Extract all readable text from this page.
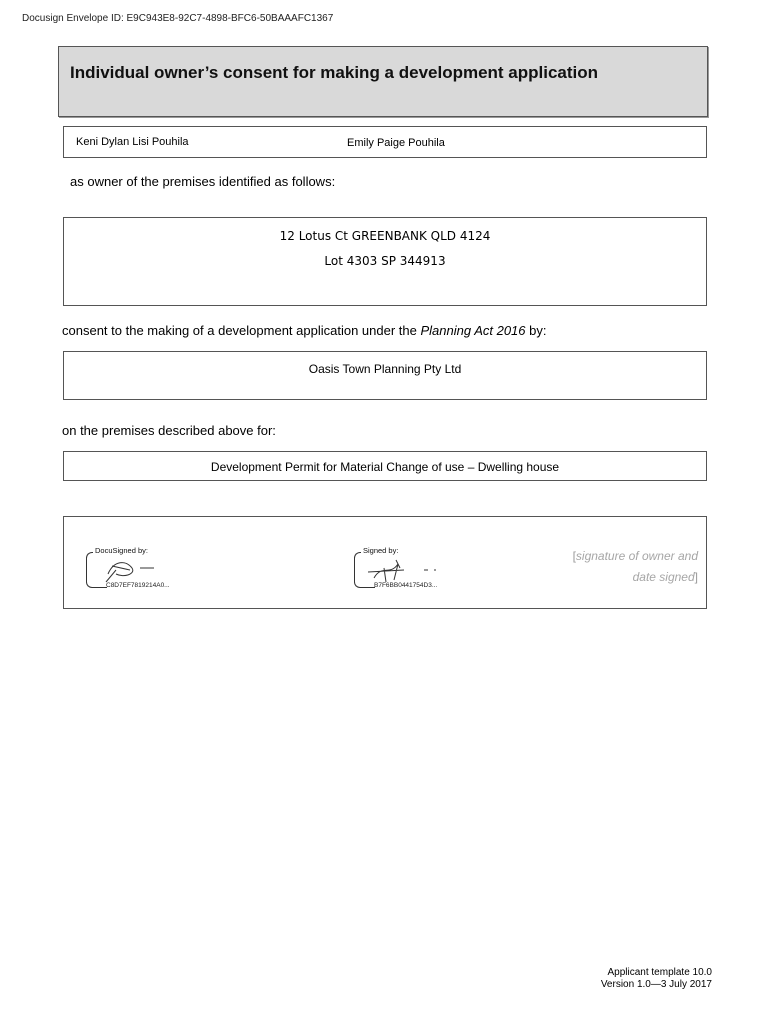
Docusign Envelope ID: E9C943E8-92C7-4898-BFC6-50BAAAFC1367
Individual owner’s consent for making a development application
Keni Dylan Lisi Pouhila	Emily Paige Pouhila
as owner of the premises identified as follows:
12 Lotus Ct GREENBANK QLD 4124
Lot 4303 SP 344913
consent to the making of a development application under the Planning Act 2016 by:
Oasis Town Planning Pty Ltd
on the premises described above for:
Development Permit for Material Change of use – Dwelling house
DocuSigned by:
C8D7EF7819214A0...
Signed by:
B7F6BB0441754D3...
[signature of owner and
date signed]
Applicant template 10.0
Version 1.0—3 July 2017
